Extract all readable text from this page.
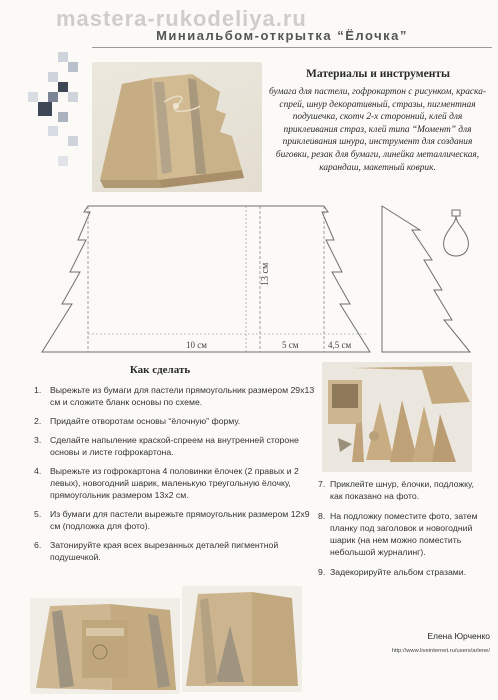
mastera-rukodeliya.ru
Миниальбом-открытка “Ёлочка”
Материалы и инструменты
бумага для пастели, гофрокартон с рисунком, краска-спрей, шнур декоративный, стразы, пигментная подушечка, скотч 2-х сторонний, клей для приклеивания страз, клей типа “Момент” для приклеивания шнура, инструмент для создания биговки, резак для бумаги, линейка металлическая, карандаш, макетный коврик.
13 см
10 см	5 см	4,5 см
Как сделать
1. Вырежьте из бумаги для пастели прямоугольник размером 29х13 см и сложите бланк основы по схеме.
2. Придайте отворотам основы “ёлочную” форму.
3. Сделайте напыление краской-спреем на внутренней стороне основы и листе гофрокартона.
4. Вырежьте из гофрокартона 4 половинки ёлочек (2 правых и 2 левых), новогодний шарик, маленькую треугольную ёлочку, прямоугольник размером 13х2 см.
5. Из бумаги для пастели вырежьте прямоугольник размером 12х9 см (подложка для фото).
6. Затонируйте края всех вырезанных деталей пигментной подушечкой.
7. Приклейте шнур, ёлочки, подложку, как показано на фото.
8. На подложку поместите фото, затем планку под заголовок и новогодний шарик (на нем можно поместить небольшой журналинг).
9. Задекорируйте альбом стразами.
Елена Юрченко
http://www.liveinternet.ru/users/arlene/
